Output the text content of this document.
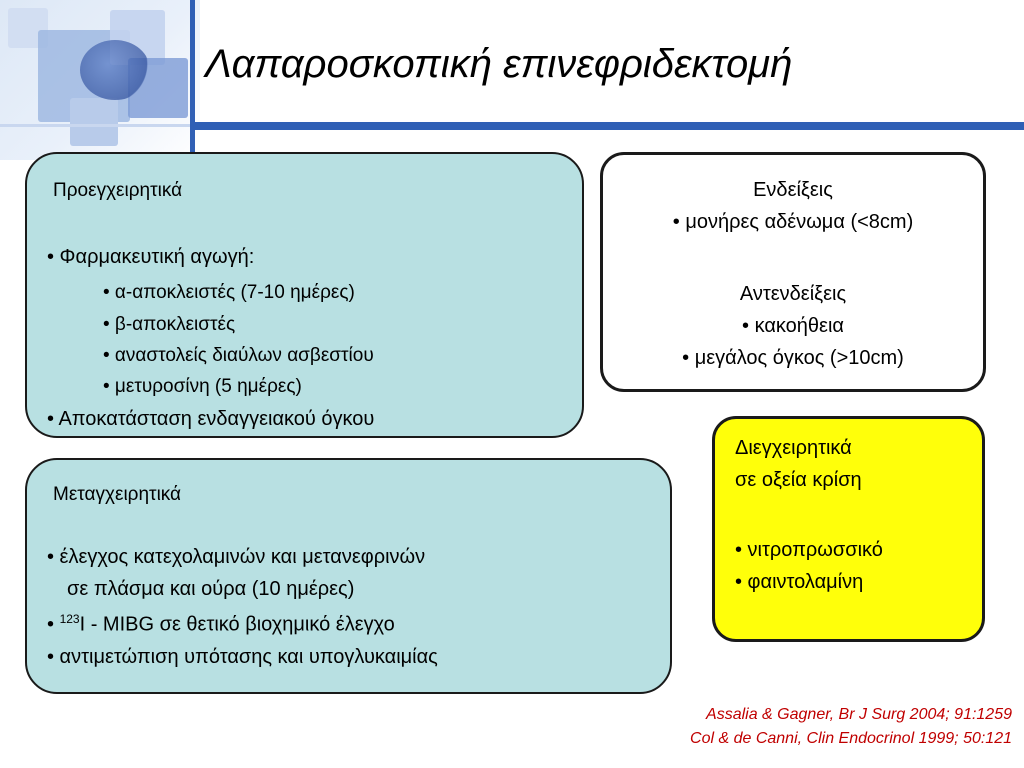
Λαπαροσκοπική επινεφριδεκτομή
Προεγχειρητικά
• Φαρμακευτική αγωγή:
• α-αποκλειστές (7-10 ημέρες)
• β-αποκλειστές
• αναστολείς διαύλων ασβεστίου
• μετυροσίνη (5 ημέρες)
• Αποκατάσταση ενδαγγειακού όγκου
Ενδείξεις
• μονήρες αδένωμα (<8cm)
Αντενδείξεις
• κακοήθεια
• μεγάλος όγκος (>10cm)
Διεγχειρητικά
σε οξεία κρίση
• νιτροπρωσσικό
• φαιντολαμίνη
Μεταγχειρητικά
• έλεγχος κατεχολαμινών και μετανεφρινών
σε πλάσμα και ούρα (10 ημέρες)
• $^{123}$I - MIBG σε θετικό βιοχημικό έλεγχο
• αντιμετώπιση υπότασης και υπογλυκαιμίας
Assalia & Gagner, Br J Surg 2004; 91:1259
Col & de Canni, Clin Endocrinol 1999; 50:121
